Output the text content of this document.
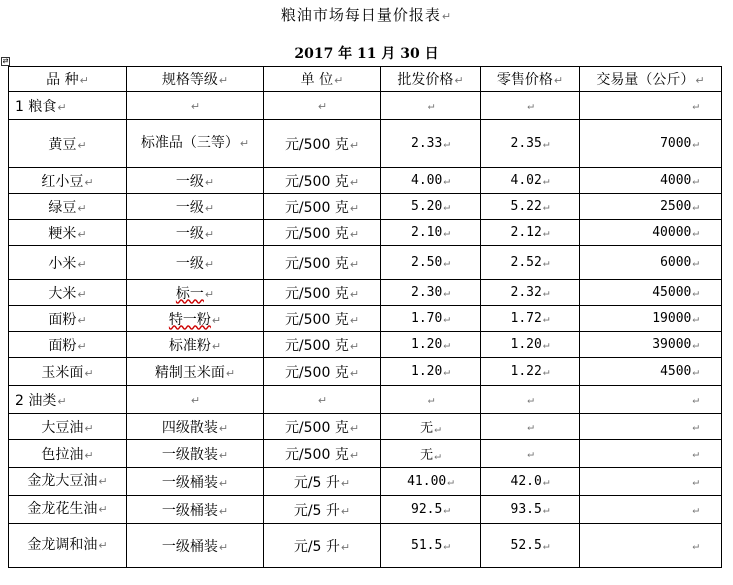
粮油市场每日量价报表↵
⇄	2017 年 11 月 30 日
品 种↵	规格等级↵	单 位↵	批发价格↵	零售价格↵	交易量（公斤）↵
1 粮食↵	↵	↵	↵	↵	↵
黄豆↵	标准品（三等）↵	元/500 克↵	2.33↵	2.35↵	7000↵
红小豆↵	一级↵	元/500 克↵	4.00↵	4.02↵	4000↵
绿豆↵	一级↵	元/500 克↵	5.20↵	5.22↵	2500↵
粳米↵	一级↵	元/500 克↵	2.10↵	2.12↵	40000↵
小米↵	一级↵	元/500 克↵	2.50↵	2.52↵	6000↵
大米↵	标一↵	元/500 克↵	2.30↵	2.32↵	45000↵
面粉↵	特一粉↵	元/500 克↵	1.70↵	1.72↵	19000↵
面粉↵	标准粉↵	元/500 克↵	1.20↵	1.20↵	39000↵
玉米面↵	精制玉米面↵	元/500 克↵	1.20↵	1.22↵	4500↵
2 油类↵	↵	↵	↵	↵	↵
大豆油↵	四级散装↵	元/500 克↵	无↵	↵	↵
色拉油↵	一级散装↵	元/500 克↵	无↵	↵	↵
金龙大豆油↵	一级桶装↵	元/5 升↵	41.00↵	42.0↵	↵
金龙花生油↵	一级桶装↵	元/5 升↵	92.5↵	93.5↵	↵
金龙调和油↵	一级桶装↵	元/5 升↵	51.5↵	52.5↵	↵
